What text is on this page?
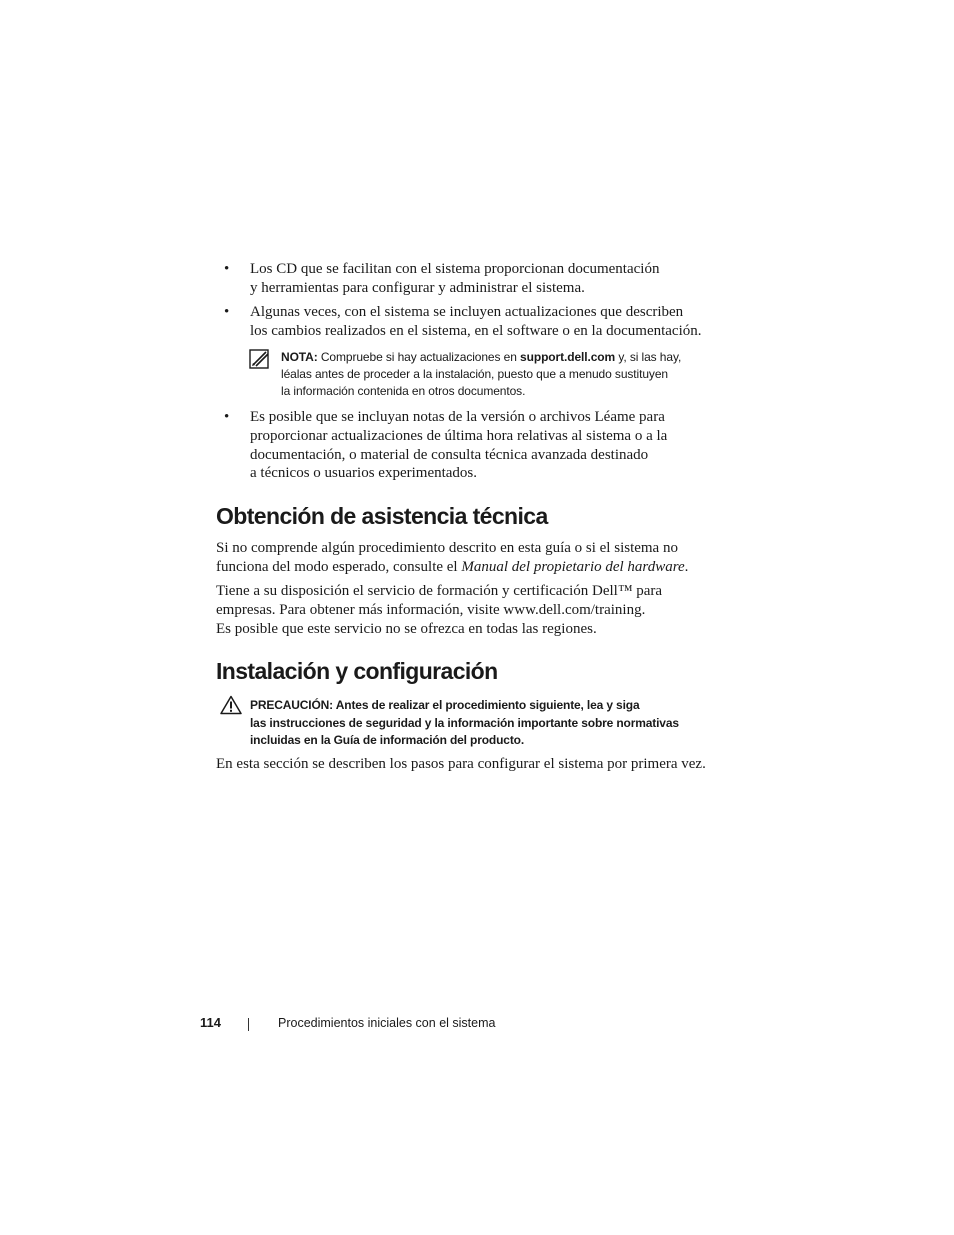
• Los CD que se facilitan con el sistema proporcionan documentación
y herramientas para configurar y administrar el sistema.
• Algunas veces, con el sistema se incluyen actualizaciones que describen
los cambios realizados en el sistema, en el software o en la documentación.
NOTA: Compruebe si hay actualizaciones en support.dell.com y, si las hay,
léalas antes de proceder a la instalación, puesto que a menudo sustituyen
la información contenida en otros documentos.
• Es posible que se incluyan notas de la versión o archivos Léame para
proporcionar actualizaciones de última hora relativas al sistema o a la
documentación, o material de consulta técnica avanzada destinado
a técnicos o usuarios experimentados.
Obtención de asistencia técnica
Si no comprende algún procedimiento descrito en esta guía o si el sistema no
funciona del modo esperado, consulte el Manual del propietario del hardware.
Tiene a su disposición el servicio de formación y certificación Dell™ para
empresas. Para obtener más información, visite www.dell.com/training.
Es posible que este servicio no se ofrezca en todas las regiones.
Instalación y configuración
PRECAUCIÓN: Antes de realizar el procedimiento siguiente, lea y siga
las instrucciones de seguridad y la información importante sobre normativas
incluidas en la Guía de información del producto.
En esta sección se describen los pasos para configurar el sistema por primera vez.
114	Procedimientos iniciales con el sistema
